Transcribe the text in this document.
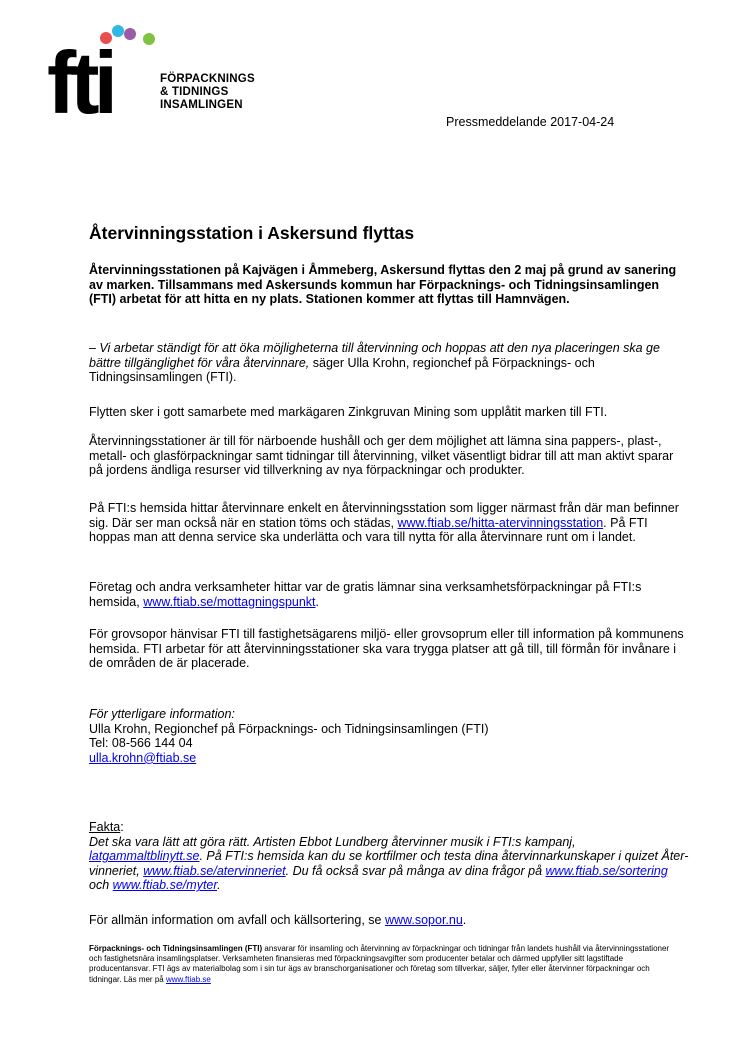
fti	FÖRPACKNINGS
& TIDNINGS
INSAMLINGEN
Pressmeddelande 2017-04-24
Återvinningsstation i Askersund flyttas
Återvinningsstationen på Kajvägen i Åmmeberg, Askersund flyttas den 2 maj på grund av sanering av marken. Tillsammans med Askersunds kommun har Förpacknings- och Tidningsinsamlingen (FTI) arbetat för att hitta en ny plats. Stationen kommer att flyttas till Hamnvägen.
– Vi arbetar ständigt för att öka möjligheterna till återvinning och hoppas att den nya placeringen ska ge bättre tillgänglighet för våra återvinnare, säger Ulla Krohn, regionchef på Förpacknings- och Tidningsinsamlingen (FTI).
Flytten sker i gott samarbete med markägaren Zinkgruvan Mining som upplåtit marken till FTI.
Återvinningsstationer är till för närboende hushåll och ger dem möjlighet att lämna sina pappers-, plast-, metall- och glasförpackningar samt tidningar till återvinning, vilket väsentligt bidrar till att man aktivt sparar på jordens ändliga resurser vid tillverkning av nya förpackningar och produkter.
På FTI:s hemsida hittar återvinnare enkelt en återvinningsstation som ligger närmast från där man befinner sig. Där ser man också när en station töms och städas, www.ftiab.se/hitta-atervinningsstation. På FTI hoppas man att denna service ska underlätta och vara till nytta för alla återvinnare runt om i landet.
Företag och andra verksamheter hittar var de gratis lämnar sina verksamhetsförpackningar på FTI:s hemsida, www.ftiab.se/mottagningspunkt.
För grovsopor hänvisar FTI till fastighetsägarens miljö- eller grovsoprum eller till information på kommunens hemsida. FTI arbetar för att återvinningsstationer ska vara trygga platser att gå till, till förmån för invånare i de områden de är placerade.
För ytterligare information:
Ulla Krohn, Regionchef på Förpacknings- och Tidningsinsamlingen (FTI)
Tel: 08-566 144 04
ulla.krohn@ftiab.se
Fakta:
Det ska vara lätt att göra rätt. Artisten Ebbot Lundberg återvinner musik i FTI:s kampanj, latgammaltblinytt.se. På FTI:s hemsida kan du se kortfilmer och testa dina återvinnarkunskaper i quizet Åter-vinneriet, www.ftiab.se/atervinneriet. Du få också svar på många av dina frågor på www.ftiab.se/sortering och www.ftiab.se/myter.
För allmän information om avfall och källsortering, se www.sopor.nu.
Förpacknings- och Tidningsinsamlingen (FTI) ansvarar för insamling och återvinning av förpackningar och tidningar från landets hushåll via återvinningsstationer och fastighetsnära insamlingsplatser. Verksamheten finansieras med förpackningsavgifter som producenter betalar och därmed uppfyller sitt lagstiftade producentansvar. FTI ägs av materialbolag som i sin tur ägs av branschorganisationer och företag som tillverkar, säljer, fyller eller återvinner förpackningar och tidningar. Läs mer på www.ftiab.se
